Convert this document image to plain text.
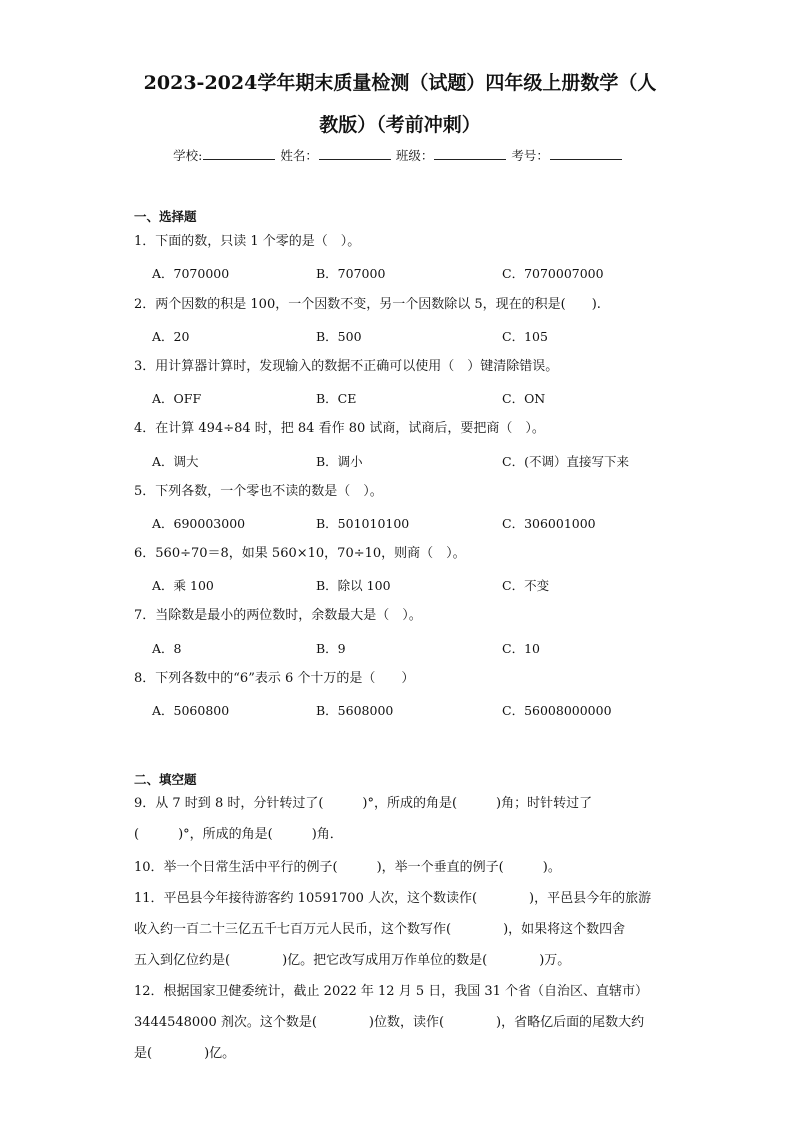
2023-2024学年期末质量检测（试题）四年级上册数学（人
教版）（考前冲刺）
学校:	姓名：	班级：	考号：
一、选择题
1．下面的数，只读 1 个零的是（　）。
A．7070000	B．707000	C．7070007000
2．两个因数的积是 100，一个因数不变，另一个因数除以 5，现在的积是(　　).
A．20	B．500	C．105
3．用计算器计算时，发现输入的数据不正确可以使用（　）键清除错误。
A．OFF	B．CE	C．ON
4．在计算 494÷84 时，把 84 看作 80 试商，试商后，要把商（　）。
A．调大	B．调小	C．(不调）直接写下来
5．下列各数，一个零也不读的数是（　）。
A．690003000	B．501010100	C．306001000
6．560÷70＝8，如果 560×10，70÷10，则商（　）。
A．乘 100	B．除以 100	C．不变
7．当除数是最小的两位数时，余数最大是（　）。
A．8	B．9	C．10
8．下列各数中的“6”表示 6 个十万的是（　　）
A．5060800	B．5608000	C．56008000000
二、填空题
9．从 7 时到 8 时，分针转过了(　　　)°，所成的角是(　　　)角；时针转过了
(　　　)°，所成的角是(　　　)角．
10．举一个日常生活中平行的例子(　　　)，举一个垂直的例子(　　　)。
11．平邑县今年接待游客约 10591700 人次，这个数读作(　　　　)，平邑县今年的旅游
收入约一百二十三亿五千七百万元人民币，这个数写作(　　　　)，如果将这个数四舍
五入到亿位约是(　　　　)亿。把它改写成用万作单位的数是(　　　　)万。
12．根据国家卫健委统计，截止 2022 年 12 月 5 日，我国 31 个省（自治区、直辖市）
3444548000 剂次。这个数是(　　　　)位数，读作(　　　　)，省略亿后面的尾数大约
是(　　　　)亿。
